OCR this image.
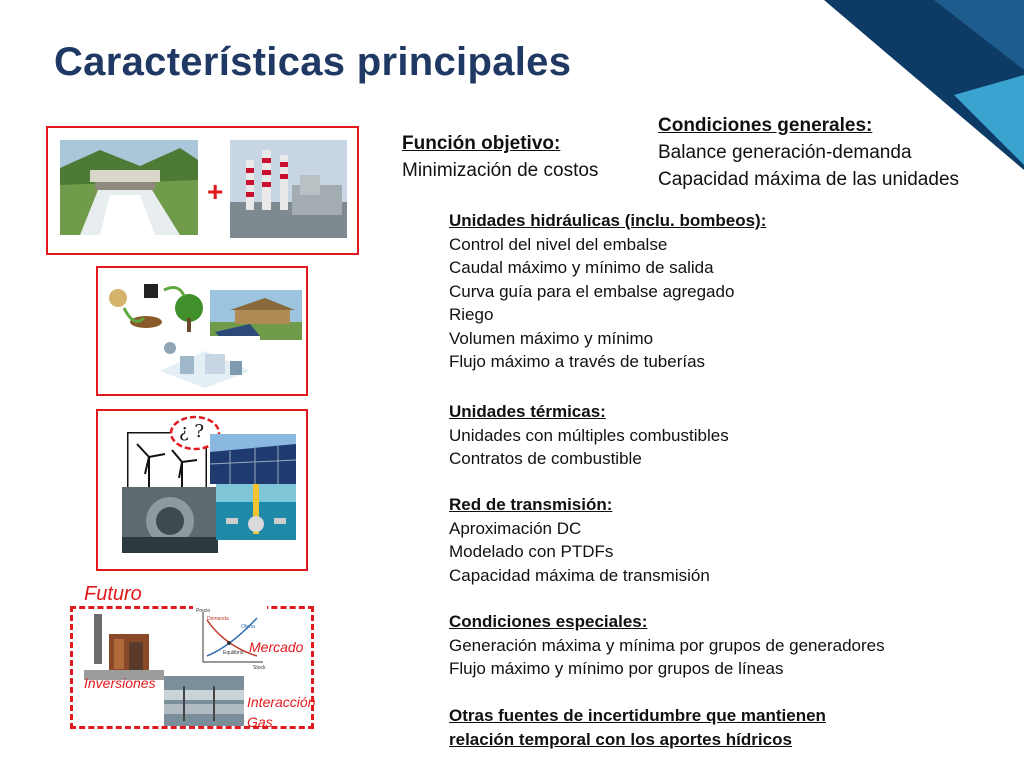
Características principales
+
¿ ?
Futuro
Precio
Demanda
Oferta
Equilibrio
Stock
Mercado
Inversiones
Interacción
Gas
Función objetivo:
Minimización de costos
Condiciones generales:
Balance generación-demanda
Capacidad máxima de las unidades
Unidades hidráulicas (inclu. bombeos):
Control del nivel del embalse
Caudal máximo y mínimo de salida
Curva guía para el embalse agregado
Riego
Volumen máximo y mínimo
Flujo máximo a través de tuberías
Unidades térmicas:
Unidades con múltiples combustibles
Contratos de combustible
Red de transmisión:
Aproximación DC
Modelado con PTDFs
Capacidad máxima de transmisión
Condiciones especiales:
Generación máxima y mínima por grupos de generadores
Flujo máximo y mínimo por grupos de líneas
Otras fuentes de incertidumbre que mantienen
relación temporal con los aportes hídricos
